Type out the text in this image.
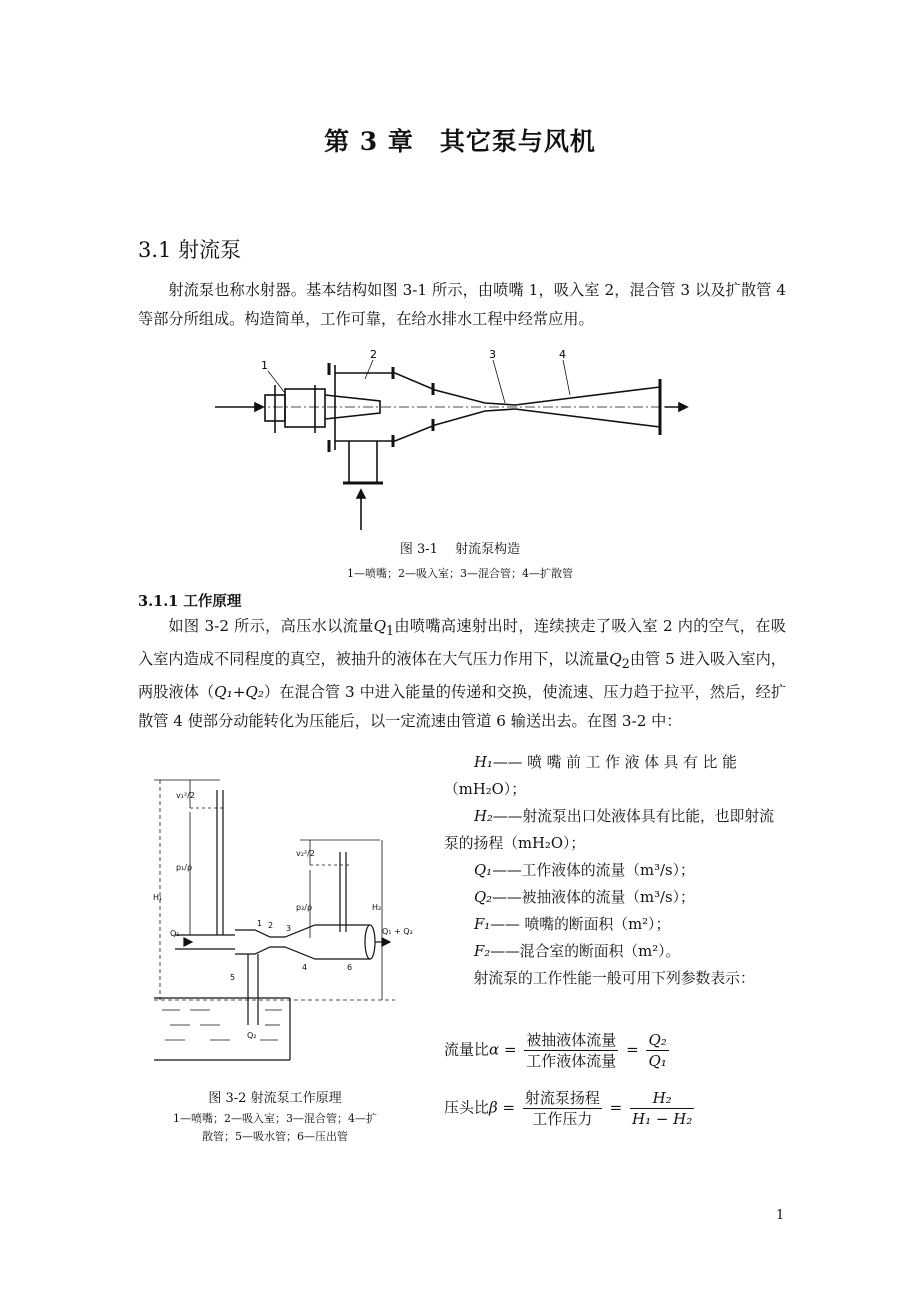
第 3 章　其它泵与风机
3.1 射流泵

射流泵也称水射器。基本结构如图 3-1 所示，由喷嘴 1，吸入室 2，混合管 3 以及扩散管 4 等部分所组成。构造简单，工作可靠，在给水排水工程中经常应用。

1
2	3	4
图 3-1　 射流泵构造
1—喷嘴；2—吸入室；3—混合管；4—扩散管
3.1.1 工作原理

如图 3-2 所示，高压水以流量$Q_1$由喷嘴高速射出时，连续挟走了吸入室 2 内的空气，在吸入室内造成不同程度的真空，被抽升的液体在大气压力作用下，以流量$Q_2$由管 5 进入吸入室内，两股液体（Q₁+Q₂）在混合管 3 中进入能量的传递和交换，使流速、压力趋于拉平，然后，经扩散管 4 使部分动能转化为压能后，以一定流速由管道 6 输送出去。在图 3-2 中：

1 2 3
4
5
6
H₁
H₂
Q₁	Q₁ + Q₂
Q₂
v₁²/2
p₁/ρ
v₂²/2
p₂/ρ
图 3-2 射流泵工作原理
1—喷嘴；2—吸入室；3—混合管；4—扩
散管；5—吸水管；6—压出管
H₁—— 喷 嘴 前 工 作 液 体 具 有 比 能（mH₂O）；
H₂——射流泵出口处液体具有比能，也即射流泵的扬程（mH₂O）；
Q₁——工作液体的流量（m³/s）；
Q₂——被抽液体的流量（m³/s）；
F₁—— 喷嘴的断面积（m²）；
F₂——混合室的断面积（m²）。
射流泵的工作性能一般可用下列参数表示：
流量比$\alpha = \frac{\text{被抽液体流量}}{\text{工作液体流量}} = \frac{\text{Q₂}}{\text{Q₁}}$
压头比$\beta = \frac{\text{射流泵扬程}}{\text{工作压力}} = \frac{\text{H₂}}{\text{H₁ − H₂}}$
1
